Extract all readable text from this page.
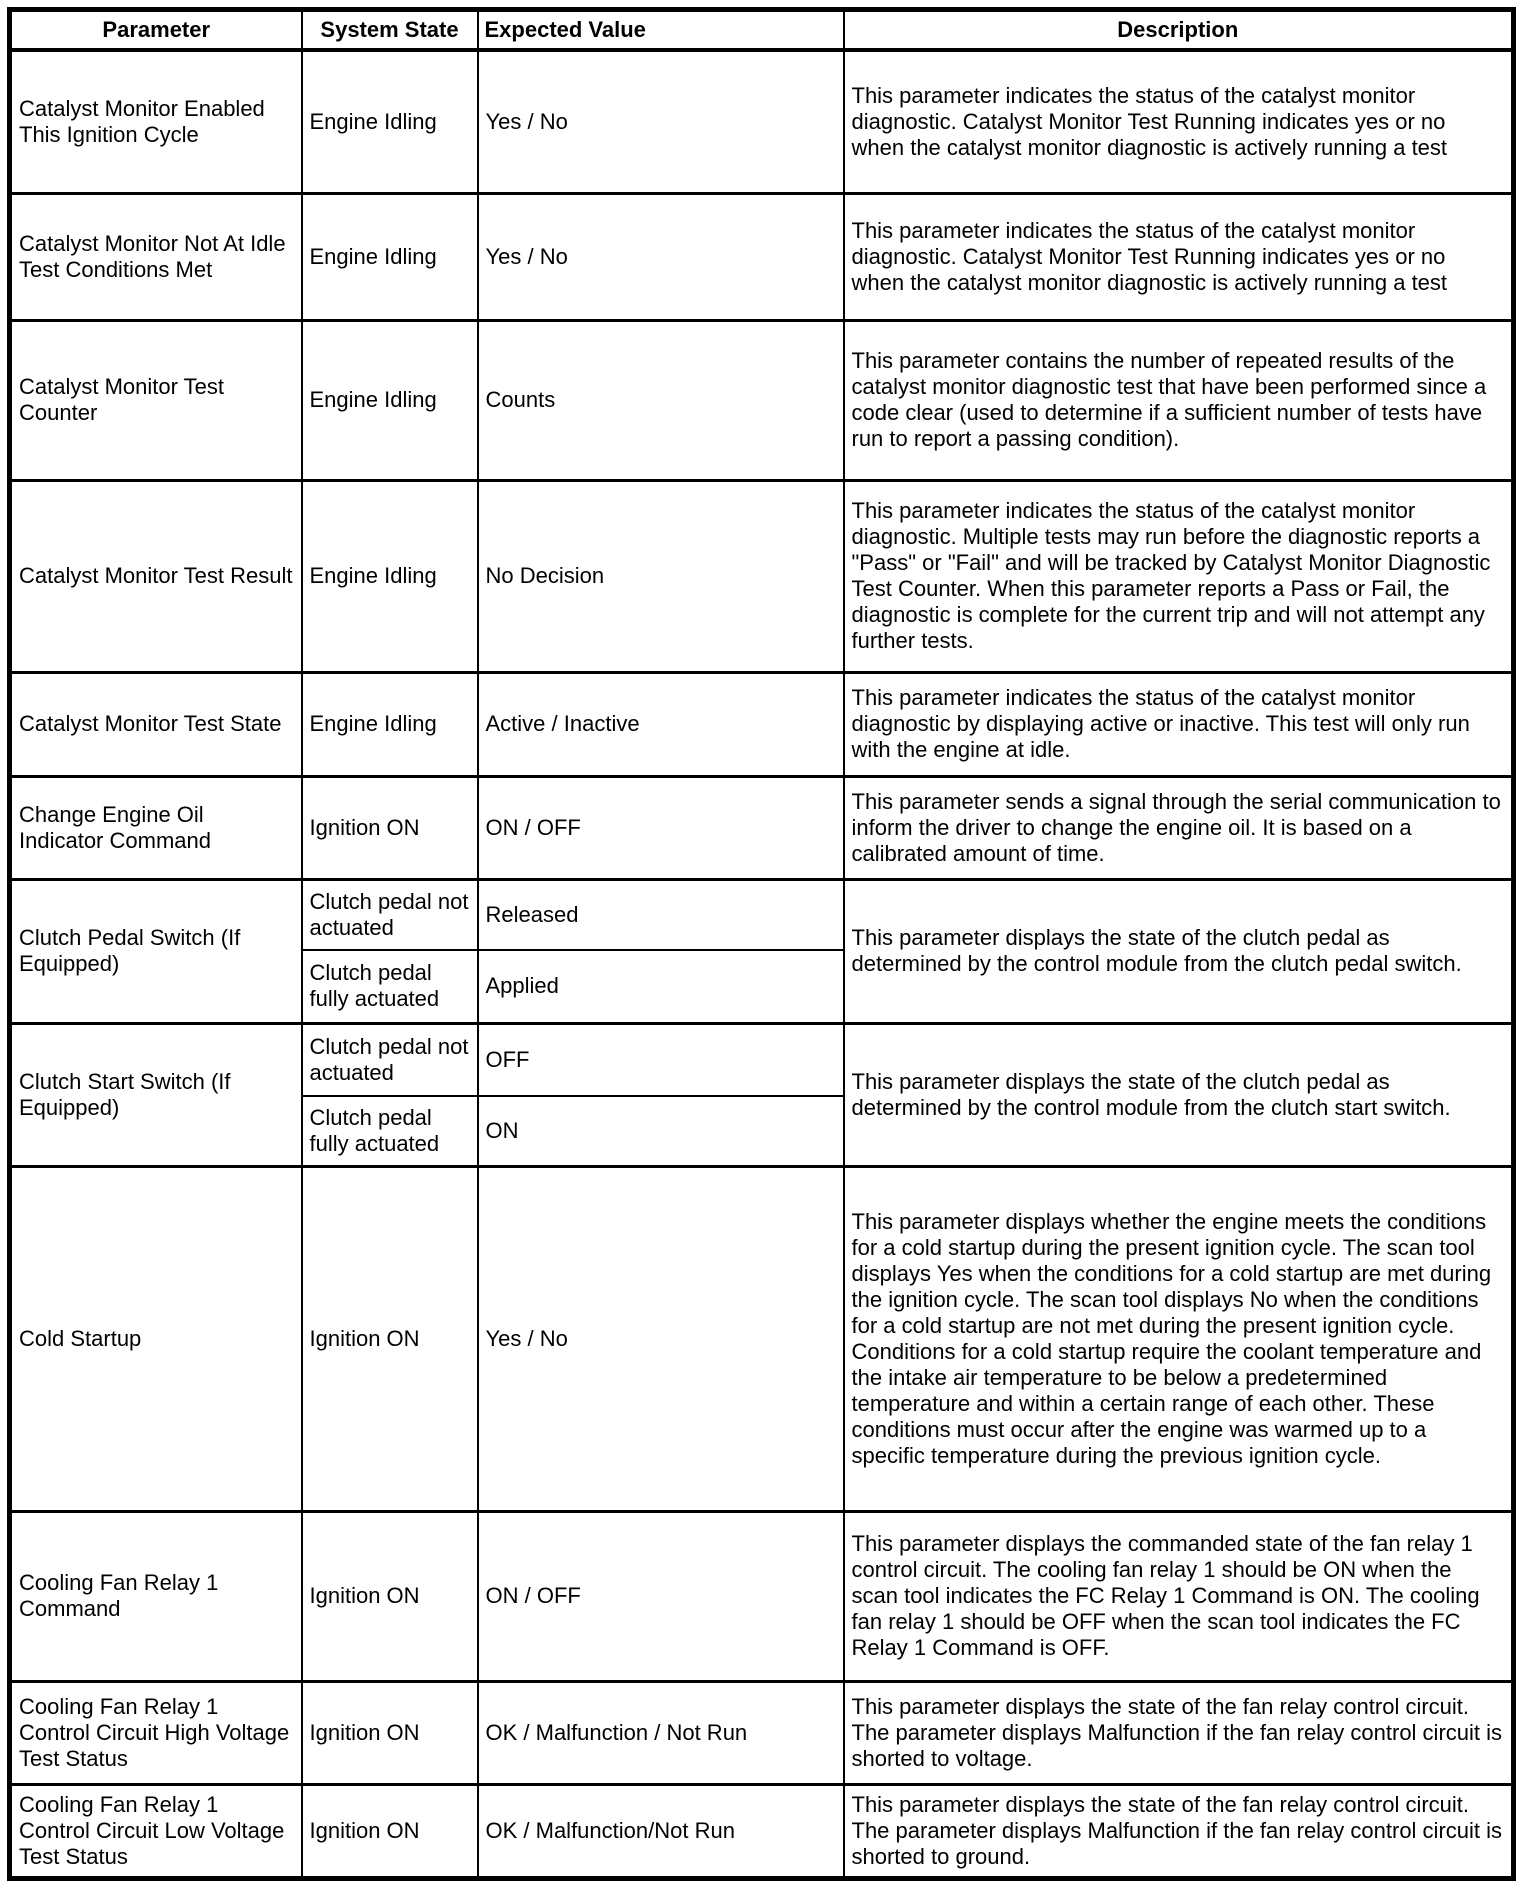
Parameter	System State	Expected Value	Description
Catalyst Monitor Enabled This Ignition Cycle	Engine Idling	Yes / No	This parameter indicates the status of the catalyst monitor diagnostic. Catalyst Monitor Test Running indicates yes or no when the catalyst monitor diagnostic is actively running a test
Catalyst Monitor Not At Idle Test Conditions Met	Engine Idling	Yes / No	This parameter indicates the status of the catalyst monitor diagnostic. Catalyst Monitor Test Running indicates yes or no when the catalyst monitor diagnostic is actively running a test
Catalyst Monitor Test Counter	Engine Idling	Counts	This parameter contains the number of repeated results of the catalyst monitor diagnostic test that have been performed since a code clear (used to determine if a sufficient number of tests have run to report a passing condition).
Catalyst Monitor Test Result	Engine Idling	No Decision	This parameter indicates the status of the catalyst monitor diagnostic. Multiple tests may run before the diagnostic reports a "Pass" or "Fail" and will be tracked by Catalyst Monitor Diagnostic Test Counter. When this parameter reports a Pass or Fail, the diagnostic is complete for the current trip and will not attempt any further tests.
Catalyst Monitor Test State	Engine Idling	Active / Inactive	This parameter indicates the status of the catalyst monitor diagnostic by displaying active or inactive. This test will only run with the engine at idle.
Change Engine Oil Indicator Command	Ignition ON	ON / OFF	This parameter sends a signal through the serial communication to inform the driver to change the engine oil. It is based on a calibrated amount of time.
Clutch Pedal Switch (If Equipped)	Clutch pedal not actuated	Released	This parameter displays the state of the clutch pedal as determined by the control module from the clutch pedal switch.
	Clutch pedal fully actuated	Applied	
Clutch Start Switch (If Equipped)	Clutch pedal not actuated	OFF	This parameter displays the state of the clutch pedal as determined by the control module from the clutch start switch.
	Clutch pedal fully actuated	ON	
Cold Startup	Ignition ON	Yes / No	This parameter displays whether the engine meets the conditions for a cold startup during the present ignition cycle. The scan tool displays Yes when the conditions for a cold startup are met during the ignition cycle. The scan tool displays No when the conditions for a cold startup are not met during the present ignition cycle. Conditions for a cold startup require the coolant temperature and the intake air temperature to be below a predetermined temperature and within a certain range of each other. These conditions must occur after the engine was warmed up to a specific temperature during the previous ignition cycle.
Cooling Fan Relay 1 Command	Ignition ON	ON / OFF	This parameter displays the commanded state of the fan relay 1 control circuit. The cooling fan relay 1 should be ON when the scan tool indicates the FC Relay 1 Command is ON. The cooling fan relay 1 should be OFF when the scan tool indicates the FC Relay 1 Command is OFF.
Cooling Fan Relay 1 Control Circuit High Voltage Test Status	Ignition ON	OK / Malfunction / Not Run	This parameter displays the state of the fan relay control circuit. The parameter displays Malfunction if the fan relay control circuit is shorted to voltage.
Cooling Fan Relay 1 Control Circuit Low Voltage Test Status	Ignition ON	OK / Malfunction/Not Run	This parameter displays the state of the fan relay control circuit. The parameter displays Malfunction if the fan relay control circuit is shorted to ground.
